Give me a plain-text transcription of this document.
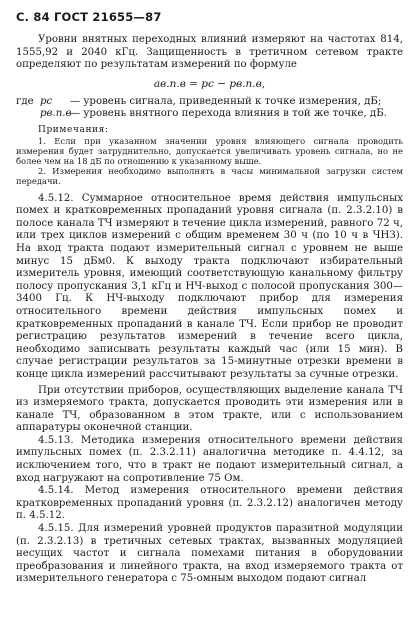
С. 84 ГОСТ 21655—87

Уровни внятных переходных влияний измеряют на частотах 814, 1555,92 и 2040 кГц. Защищенность в третичном сетевом тракте определяют по результатам измерений по формуле

aв.п.в = pс − pв.п.в,
где pс	— уровень сигнала, приведенный к точке измерения, дБ;
pв.п.в
— уровень внятного перехода влияния в той же точке, дБ.
Примечания:

1. Если при указанном значении уровня влияющего сигнала проводить измерения будет затруднительно, допускается увеличивать уровень сигнала, но не более чем на 18 дБ по отношению к указанному выше.

2. Измерения необходимо выполнять в часы минимальной загрузки систем передачи.

4.5.12. Суммарное относительное время действия импульсных помех и кратковременных пропаданий уровня сигнала (п. 2.3.2.10) в полосе канала ТЧ измеряют в течение цикла измерений, равного 72 ч, или трех циклов измерений с общим временем 30 ч (по 10 ч в ЧНЗ). На вход тракта подают измерительный сигнал с уровнем не выше минус 15 дБм0. К выходу тракта подключают избирательный измеритель уровня, имеющий соответствующую канальному фильтру полосу пропускания 3,1 кГц и НЧ-выход с полосой пропускания 300—3400 Гц. К НЧ-выходу подключают прибор для измерения относительного времени действия импульсных помех и кратковременных пропаданий в канале ТЧ. Если прибор не проводит регистрацию результатов измерений в течение всего цикла, необходимо записывать результаты каждый час (или 15 мин). В случае регистрации результатов за 15-минутные отрезки времени в конце цикла измерений рассчитывают результаты за сучные отрезки.

При отсутствии приборов, осуществляющих выделение канала ТЧ из измеряемого тракта, допускается проводить эти измерения или в канале ТЧ, образованном в этом тракте, или с использованием аппаратуры оконечной станции.

4.5.13. Методика измерения относительного времени действия импульсных помех (п. 2.3.2.11) аналогична методике п. 4.4.12, за исключением того, что в тракт не подают измерительный сигнал, а вход нагружают на сопротивление 75 Ом.

4.5.14. Метод измерения относительного времени действия кратковременных пропаданий уровня (п. 2.3.2.12) аналогичен методу п. 4.5.12.

4.5.15. Для измерений уровней продуктов паразитной модуляции (п. 2.3.2.13) в третичных сетевых трактах, вызванных модуляцией несущих частот и сигнала помехами питания в оборудовании преобразования и линейного тракта, на вход измеряемого тракта от измерительного генератора с 75-омным выходом подают сигнал
